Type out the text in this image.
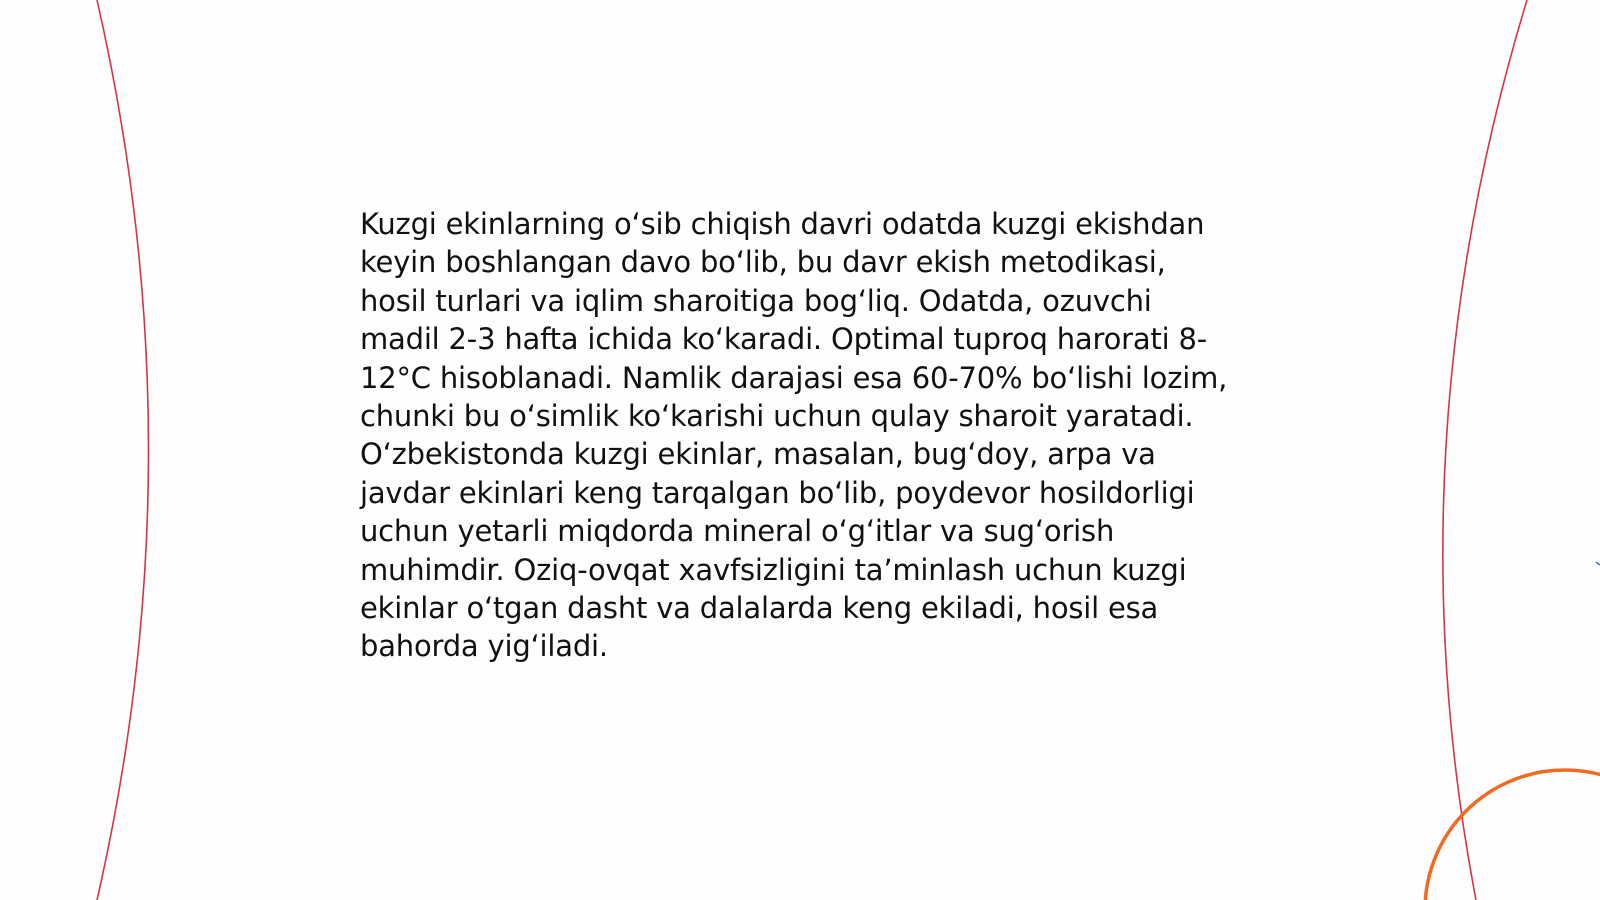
Kuzgi ekinlarning oʻsib chiqish davri odatda kuzgi ekishdan keyin boshlangan davo boʻlib, bu davr ekish metodikasi, hosil turlari va iqlim sharoitiga bogʻliq. Odatda, ozuvchi madil 2-3 hafta ichida koʻkaradi. Optimal tuproq harorati 8-12°C hisoblanadi. Namlik darajasi esa 60-70% boʻlishi lozim, chunki bu oʻsimlik koʻkarishi uchun qulay sharoit yaratadi. Oʻzbekistonda kuzgi ekinlar, masalan, bugʻdoy, arpa va javdar ekinlari keng tarqalgan boʻlib, poydevor hosildorligi uchun yetarli miqdorda mineral oʻgʻitlar va sugʻorish muhimdir. Oziq-ovqat xavfsizligini taʼminlash uchun kuzgi ekinlar oʻtgan dasht va dalalarda keng ekiladi, hosil esa bahorda yigʻiladi.
